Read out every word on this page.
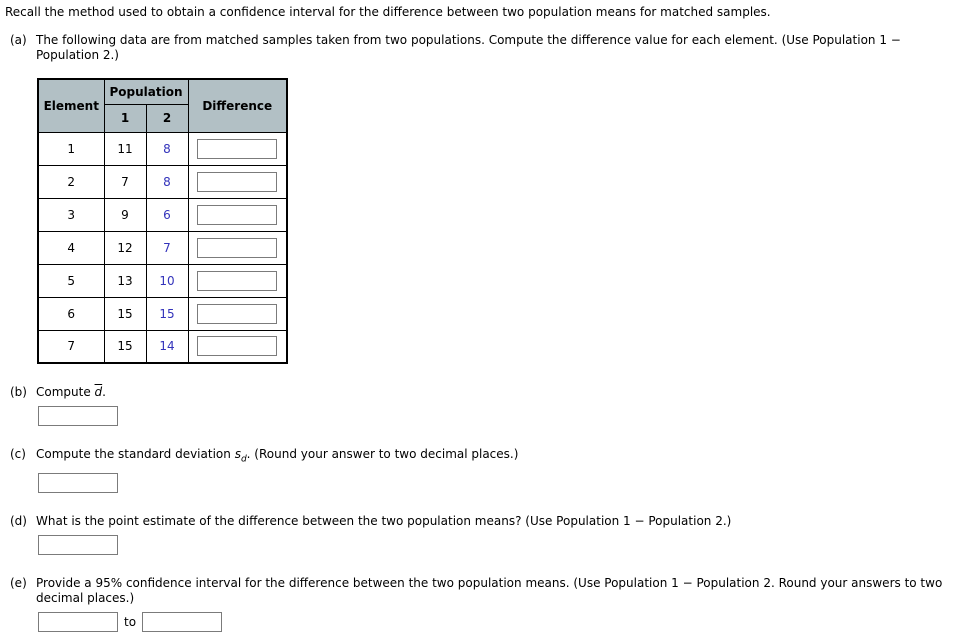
Recall the method used to obtain a confidence interval for the difference between two population means for matched samples.
(a) The following data are from matched samples taken from two populations. Compute the difference value for each element. (Use Population 1 − Population 2.)
Element	Population		Difference
	1	2	
1	11	8	
2	7	8	
3	9	6	
4	12	7	
5	13	10	
6	15	15	
7	15	14	
(b) Compute $\overline{d}$.
(c) Compute the standard deviation $s_d$. (Round your answer to two decimal places.)
(d) What is the point estimate of the difference between the two population means? (Use Population 1 − Population 2.)
(e) Provide a 95% confidence interval for the difference between the two population means. (Use Population 1 − Population 2. Round your answers to two decimal places.)
to
